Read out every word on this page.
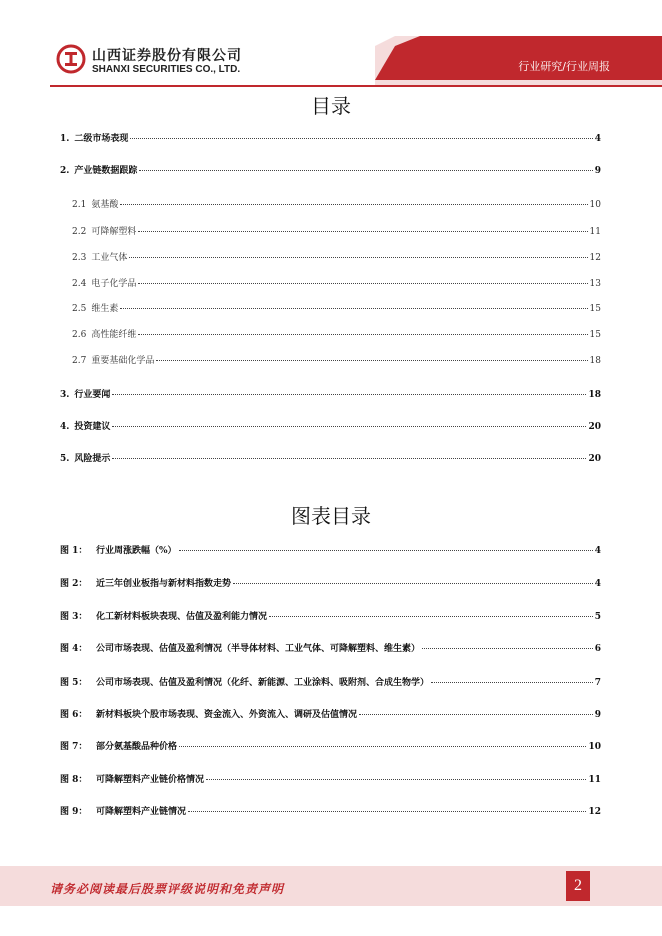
山西证券股份有限公司
SHANXI SECURITIES CO., LTD.	行业研究/行业周报
目录
1. 二级市场表现	4
2. 产业链数据跟踪	9
2.1 氨基酸	10
2.2 可降解塑料	11
2.3 工业气体	12
2.4 电子化学品	13
2.5 维生素	15
2.6 高性能纤维	15
2.7 重要基础化学品	18
3. 行业要闻	18
4. 投资建议	20
5. 风险提示	20
图表目录
图 1： 行业周涨跌幅（%）	4
图 2： 近三年创业板指与新材料指数走势	4
图 3： 化工新材料板块表现、估值及盈利能力情况	5
图 4： 公司市场表现、估值及盈利情况（半导体材料、工业气体、可降解塑料、维生素）	6
图 5： 公司市场表现、估值及盈利情况（化纤、新能源、工业涂料、吸附剂、合成生物学）	7
图 6： 新材料板块个股市场表现、资金流入、外资流入、调研及估值情况	9
图 7： 部分氨基酸品种价格	10
图 8： 可降解塑料产业链价格情况	11
图 9： 可降解塑料产业链情况	12
请务必阅读最后股票评级说明和免责声明	2
